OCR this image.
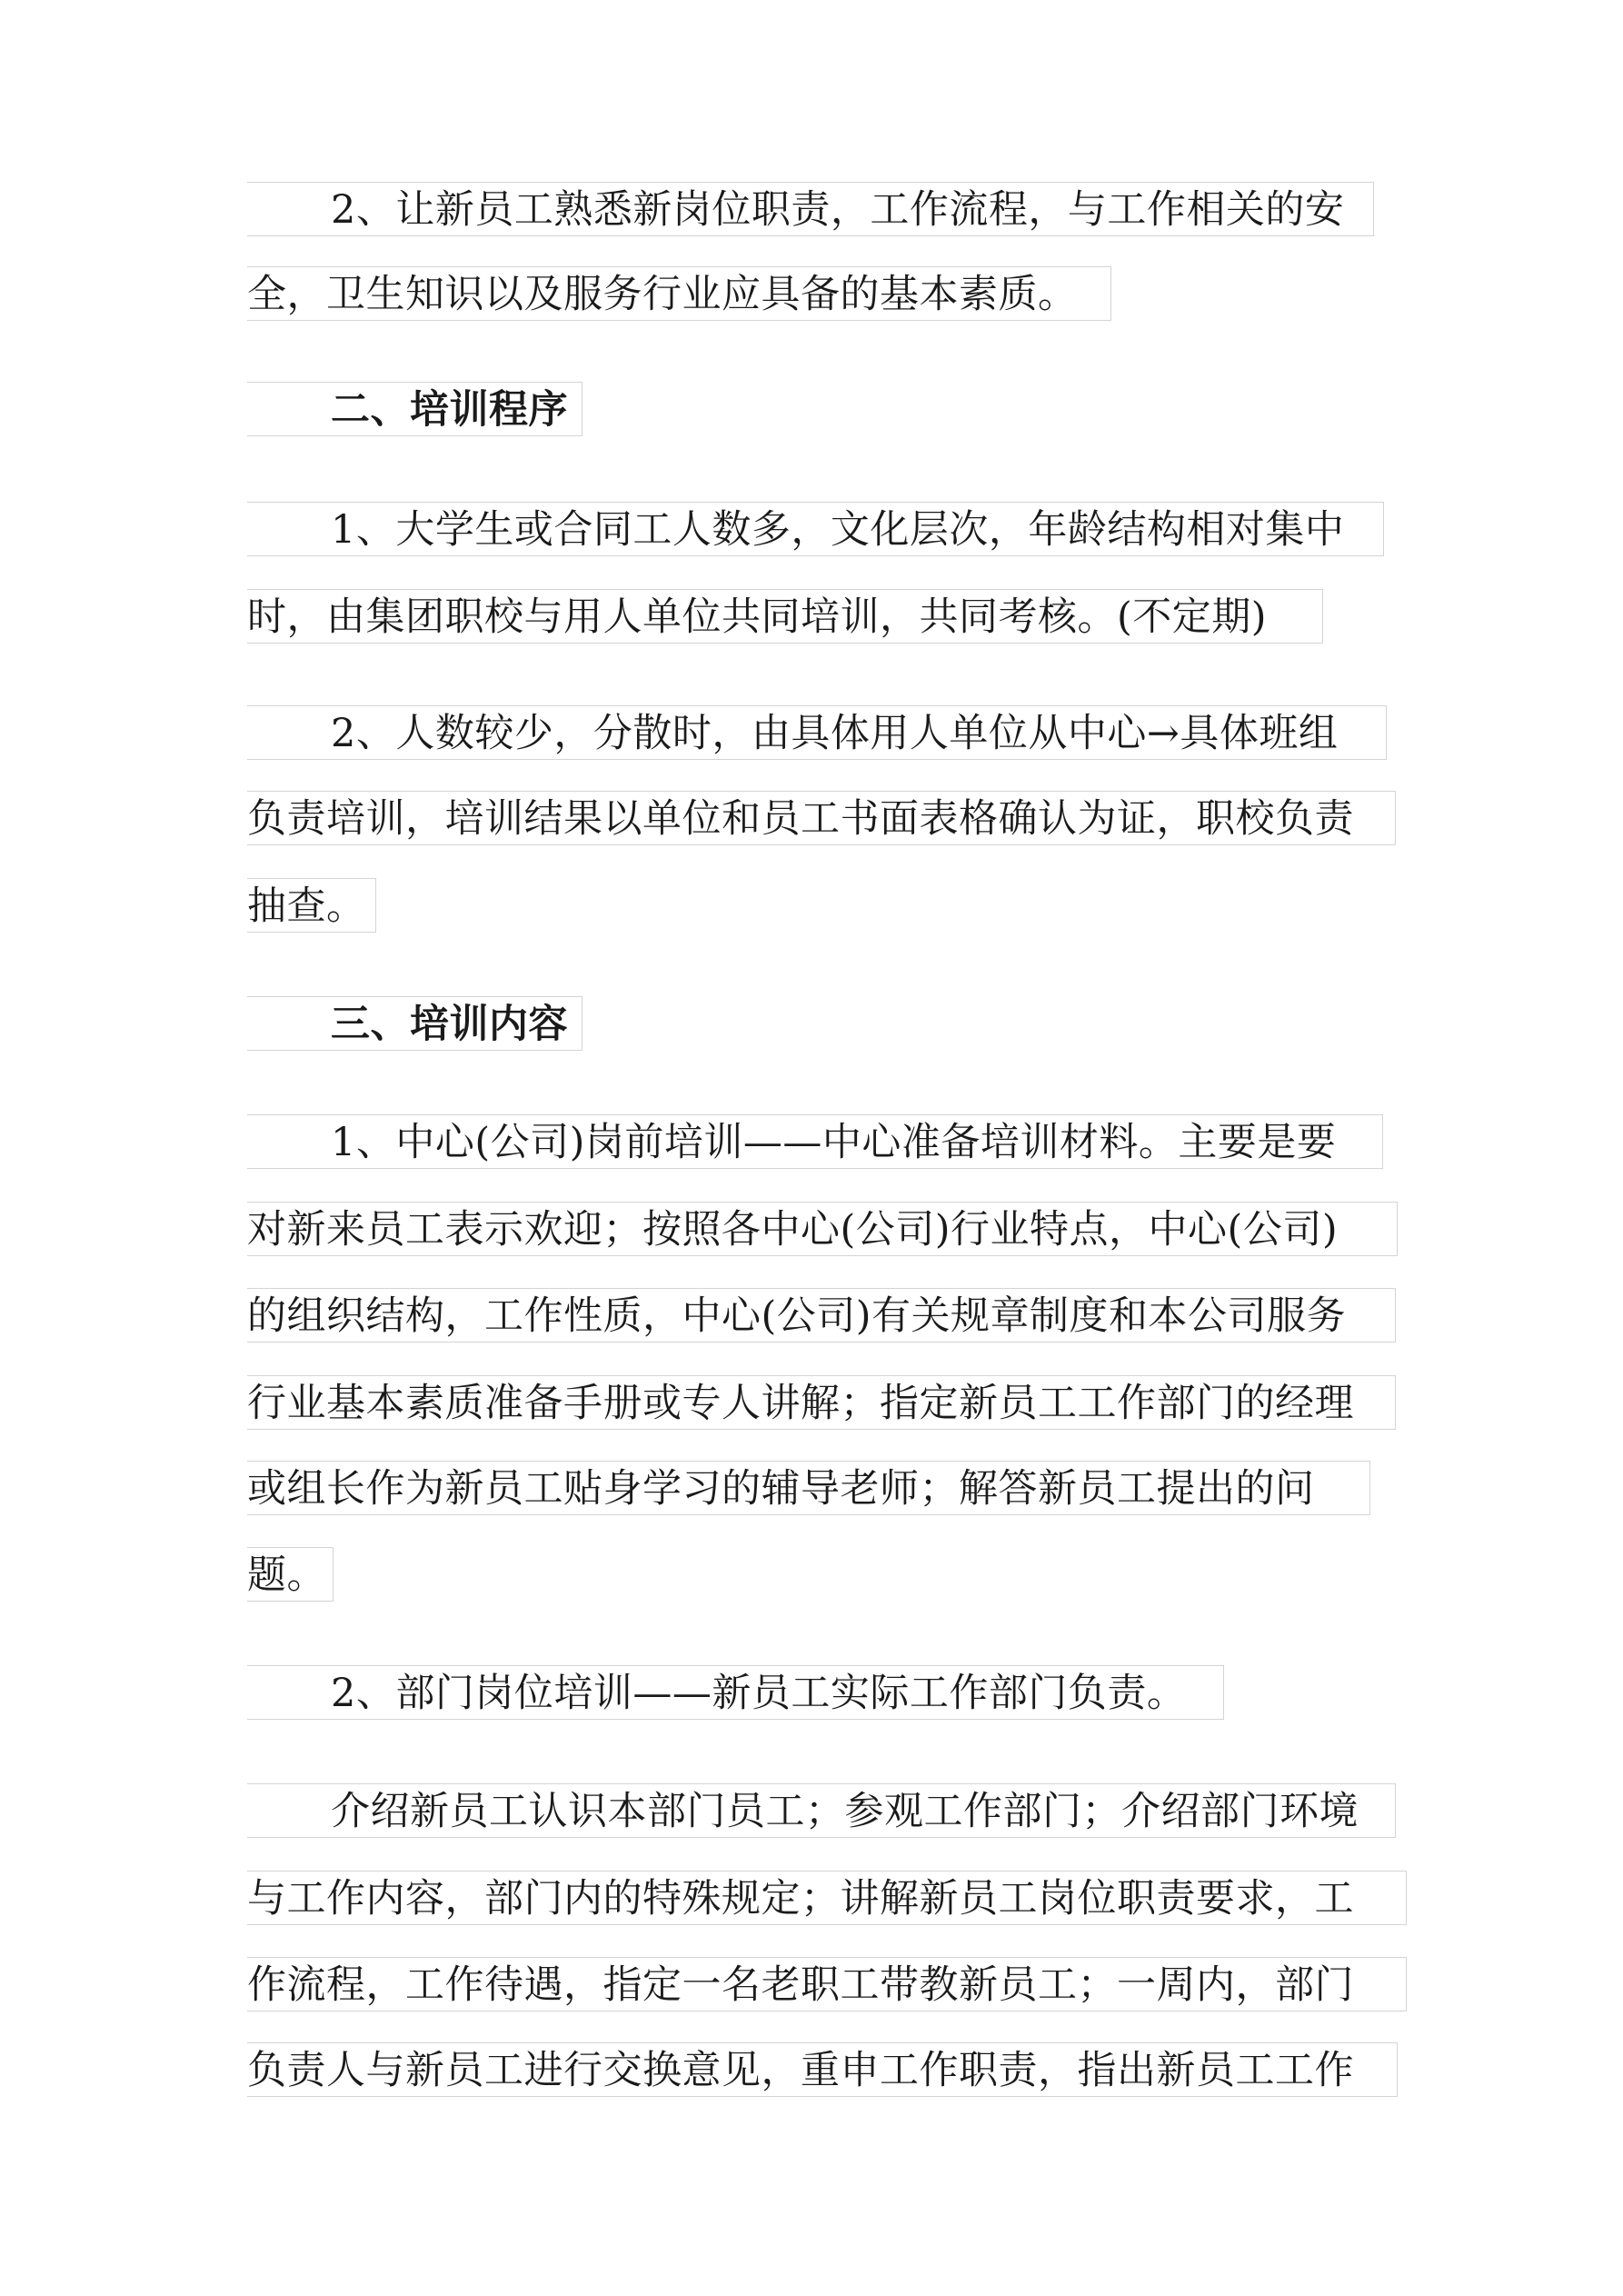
2、让新员工熟悉新岗位职责，工作流程，与工作相关的安
全，卫生知识以及服务行业应具备的基本素质。
二、培训程序
1、大学生或合同工人数多，文化层次，年龄结构相对集中
时，由集团职校与用人单位共同培训，共同考核。(不定期)
2、人数较少，分散时，由具体用人单位从中心→具体班组
负责培训，培训结果以单位和员工书面表格确认为证，职校负责
抽查。
三、培训内容
1、中心(公司)岗前培训——中心准备培训材料。主要是要
对新来员工表示欢迎；按照各中心(公司)行业特点，中心(公司)
的组织结构，工作性质，中心(公司)有关规章制度和本公司服务
行业基本素质准备手册或专人讲解；指定新员工工作部门的经理
或组长作为新员工贴身学习的辅导老师；解答新员工提出的问
题。
2、部门岗位培训——新员工实际工作部门负责。
介绍新员工认识本部门员工；参观工作部门；介绍部门环境
与工作内容，部门内的特殊规定；讲解新员工岗位职责要求，工
作流程，工作待遇，指定一名老职工带教新员工；一周内，部门
负责人与新员工进行交换意见，重申工作职责，指出新员工工作
